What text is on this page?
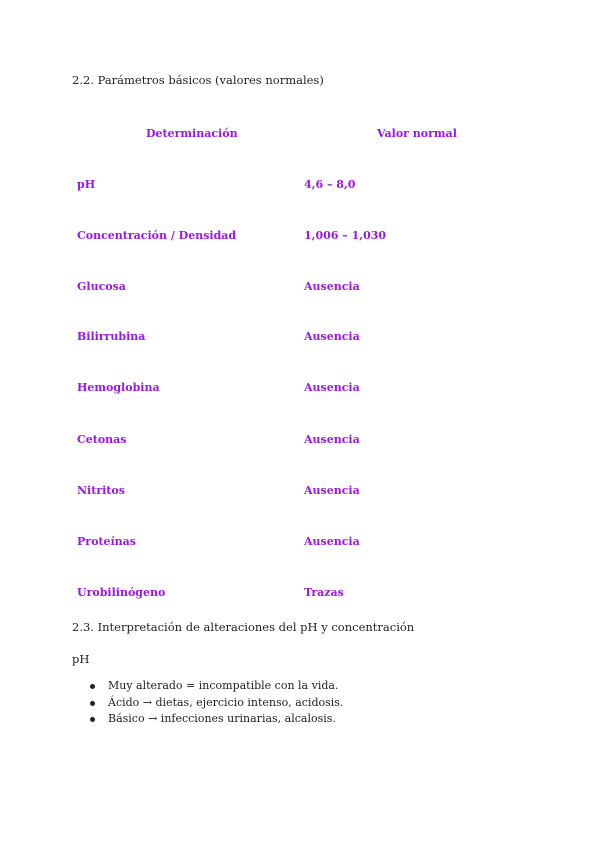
2.2. Parámetros básicos (valores normales)
Determinación	Valor normal
pH	4,6 – 8,0
Concentración / Densidad	1,006 – 1,030
Glucosa	Ausencia
Bilirrubina	Ausencia
Hemoglobina	Ausencia
Cetonas	Ausencia
Nitritos	Ausencia
Proteínas	Ausencia
Urobilinógeno	Trazas
2.3. Interpretación de alteraciones del pH y concentración

pH

Muy alterado = incompatible con la vida.
Ácido → dietas, ejercicio intenso, acidosis.
Básico → infecciones urinarias, alcalosis.
